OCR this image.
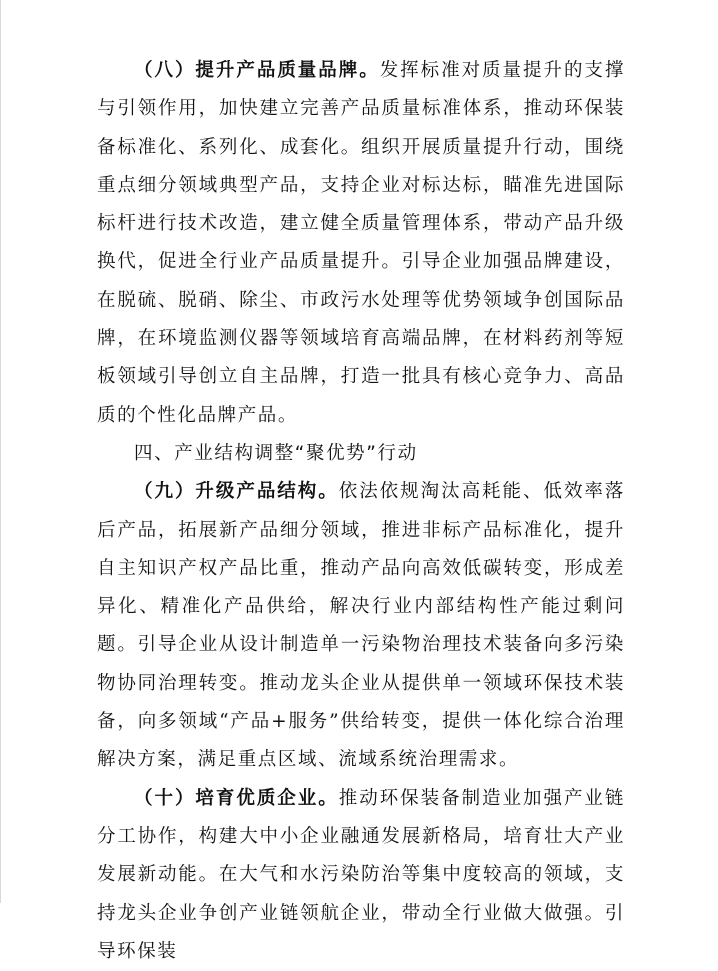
（八）提升产品质量品牌。发挥标准对质量提升的支撑与引领作用，加快建立完善产品质量标准体系，推动环保装备标准化、系列化、成套化。组织开展质量提升行动，围绕重点细分领域典型产品，支持企业对标达标，瞄准先进国际标杆进行技术改造，建立健全质量管理体系，带动产品升级换代，促进全行业产品质量提升。引导企业加强品牌建设，在脱硫、脱硝、除尘、市政污水处理等优势领域争创国际品牌，在环境监测仪器等领域培育高端品牌，在材料药剂等短板领域引导创立自主品牌，打造一批具有核心竞争力、高品质的个性化品牌产品。

四、产业结构调整“聚优势”行动

（九）升级产品结构。依法依规淘汰高耗能、低效率落后产品，拓展新产品细分领域，推进非标产品标准化，提升自主知识产权产品比重，推动产品向高效低碳转变，形成差异化、精准化产品供给，解决行业内部结构性产能过剩问题。引导企业从设计制造单一污染物治理技术装备向多污染物协同治理转变。推动龙头企业从提供单一领域环保技术装备，向多领域“产品+服务”供给转变，提供一体化综合治理解决方案，满足重点区域、流域系统治理需求。

（十）培育优质企业。推动环保装备制造业加强产业链分工协作，构建大中小企业融通发展新格局，培育壮大产业发展新动能。在大气和水污染防治等集中度较高的领域，支持龙头企业争创产业链领航企业，带动全行业做大做强。引导环保装
